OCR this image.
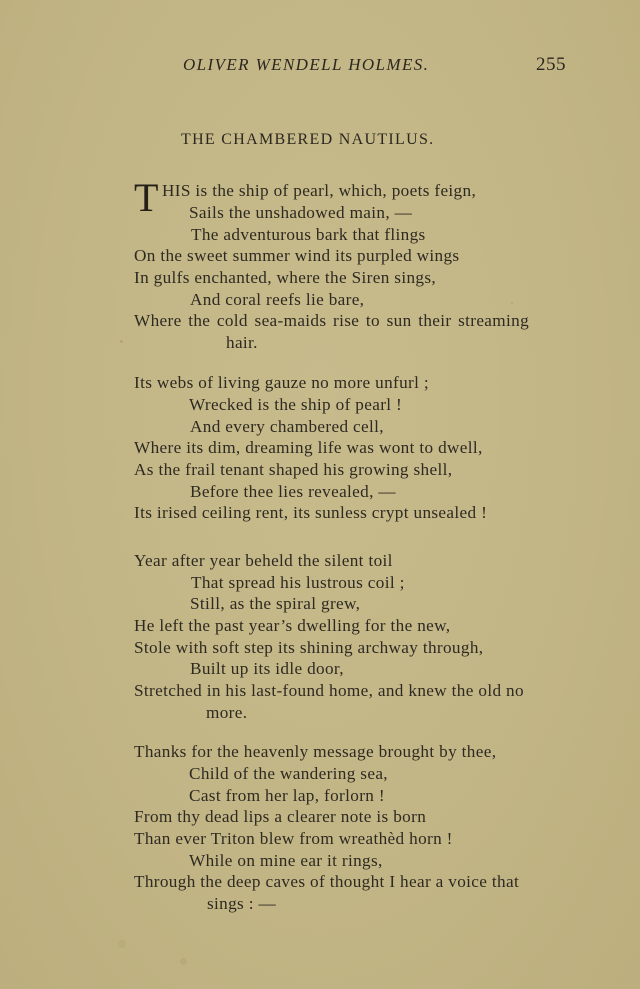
OLIVER WENDELL HOLMES.	255
THE CHAMBERED NAUTILUS.
T HIS is the ship of pearl, which, poets feign,
Sails the unshadowed main, —
The adventurous bark that flings
On the sweet summer wind its purpled wings
In gulfs enchanted, where the Siren sings,
And coral reefs lie bare,
Where the cold sea-maids rise to sun their streaming
hair.
Its webs of living gauze no more unfurl ;
Wrecked is the ship of pearl !
And every chambered cell,
Where its dim, dreaming life was wont to dwell,
As the frail tenant shaped his growing shell,
Before thee lies revealed, —
Its irised ceiling rent, its sunless crypt unsealed !
Year after year beheld the silent toil
That spread his lustrous coil ;
Still, as the spiral grew,
He left the past year’s dwelling for the new,
Stole with soft step its shining archway through,
Built up its idle door,
Stretched in his last-found home, and knew the old no
more.
Thanks for the heavenly message brought by thee,
Child of the wandering sea,
Cast from her lap, forlorn !
From thy dead lips a clearer note is born
Than ever Triton blew from wreathèd horn !
While on mine ear it rings,
Through the deep caves of thought I hear a voice that
sings : —
